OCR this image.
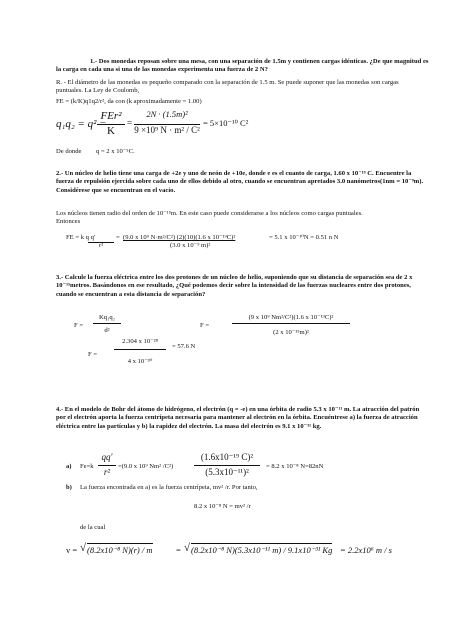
1.- Dos monedas reposan sobre una mesa, con una separación de 1.5m y contienen cargas idénticas. ¿De que magnitud es la carga en cada una si una de las monedas experimenta una fuerza de 2 N?
R. - El diámetro de las monedas es pequeño comparado con la separación de 1.5 m. Se puede suponer que las monedas son cargas puntuales. La Ley de Coulomb,
FE = (k/K)q1q2/r², da con (k aproximadamente = 1.00)
q₁q₂ = q² =
FEr²
K
=
2N · (1.5m)²
9 ×10⁹ N · m² / C²
= 5×10⁻¹⁰ C²
De donde q = 2 x 10⁻⁵C.
2.- Un núcleo de helio tiene una carga de +2e y uno de neón de +10e, donde e es el cuanto de carga, 1.60 x 10⁻¹⁹ C. Encuentre la fuerza de repulsión ejercida sobre cada uno de ellos debido al otro, cuando se encuentran apretados 3.0 nanómetros(1nm = 10⁻⁹m). Considérese que se encuentran en el vacío.
Los núcleos tienen radio del orden de 10⁻¹⁵m. En este caso puede considerarse a los núcleos como cargas puntuales. Entonces
FE = k q q'
r²
= (9.0 x 10⁹ N·m²/C²) (2)(10)(1.6 x 10⁻¹⁹C)²
(3.0 x 10⁻⁹ m)²
= 5.1 x 10⁻¹⁰N = 0.51 n N
3.- Calcule la fuerza eléctrica entre los dos protones de un núcleo de helio, suponiendo que su distancia de separación sea de 2 x 10⁻¹⁵metros. Basándonos en ese resultado, ¿Qué podemos decir sobre la intensidad de las fuerzas nucleares entre dos protones, cuando se encuentran a esta distancia de separación?
F =
Kq₁q₂
d²
F =
(9 x 10⁹ Nm²/C²)(1.6 x 10⁻¹⁹C)²
(2 x 10⁻¹⁵m)²
F =
2.304 x 10⁻²⁸
4 x 10⁻³⁰
= 57.6 N
4.- En el modelo de Bohr del átomo de hidrógeno, el electrón (q = -e) en una órbita de radio 5.3 x 10⁻¹¹ m. La atracción del patrón por el electrón aporta la fuerza centrípeta necesaria para mantener al electrón en la órbita. Encuéntrese a) la fuerza de atracción eléctrica entre las partículas y b) la rapidez del electrón. La masa del electrón es 9.1 x 10⁻³¹ kg.
a) Fe=k
qq'
r²
=(9.0 x 10⁹ Nm² /C²)
(1.6x10⁻¹⁹ C)²
(5.3x10⁻¹¹)²
= 8.2 x 10⁻⁸ N=82nN
b) La fuerza encontrada en a) es la fuerza centrípeta, mv² /r. Por tanto,
8.2 x 10⁻⁸ N = mv² /r
de la cual
v = √ (8.2x10⁻⁸ N)(r) / m	= √ (8.2x10⁻⁸ N)(5.3x10⁻¹¹ m) / 9.1x10⁻³¹ Kg = 2.2x10⁶ m / s
